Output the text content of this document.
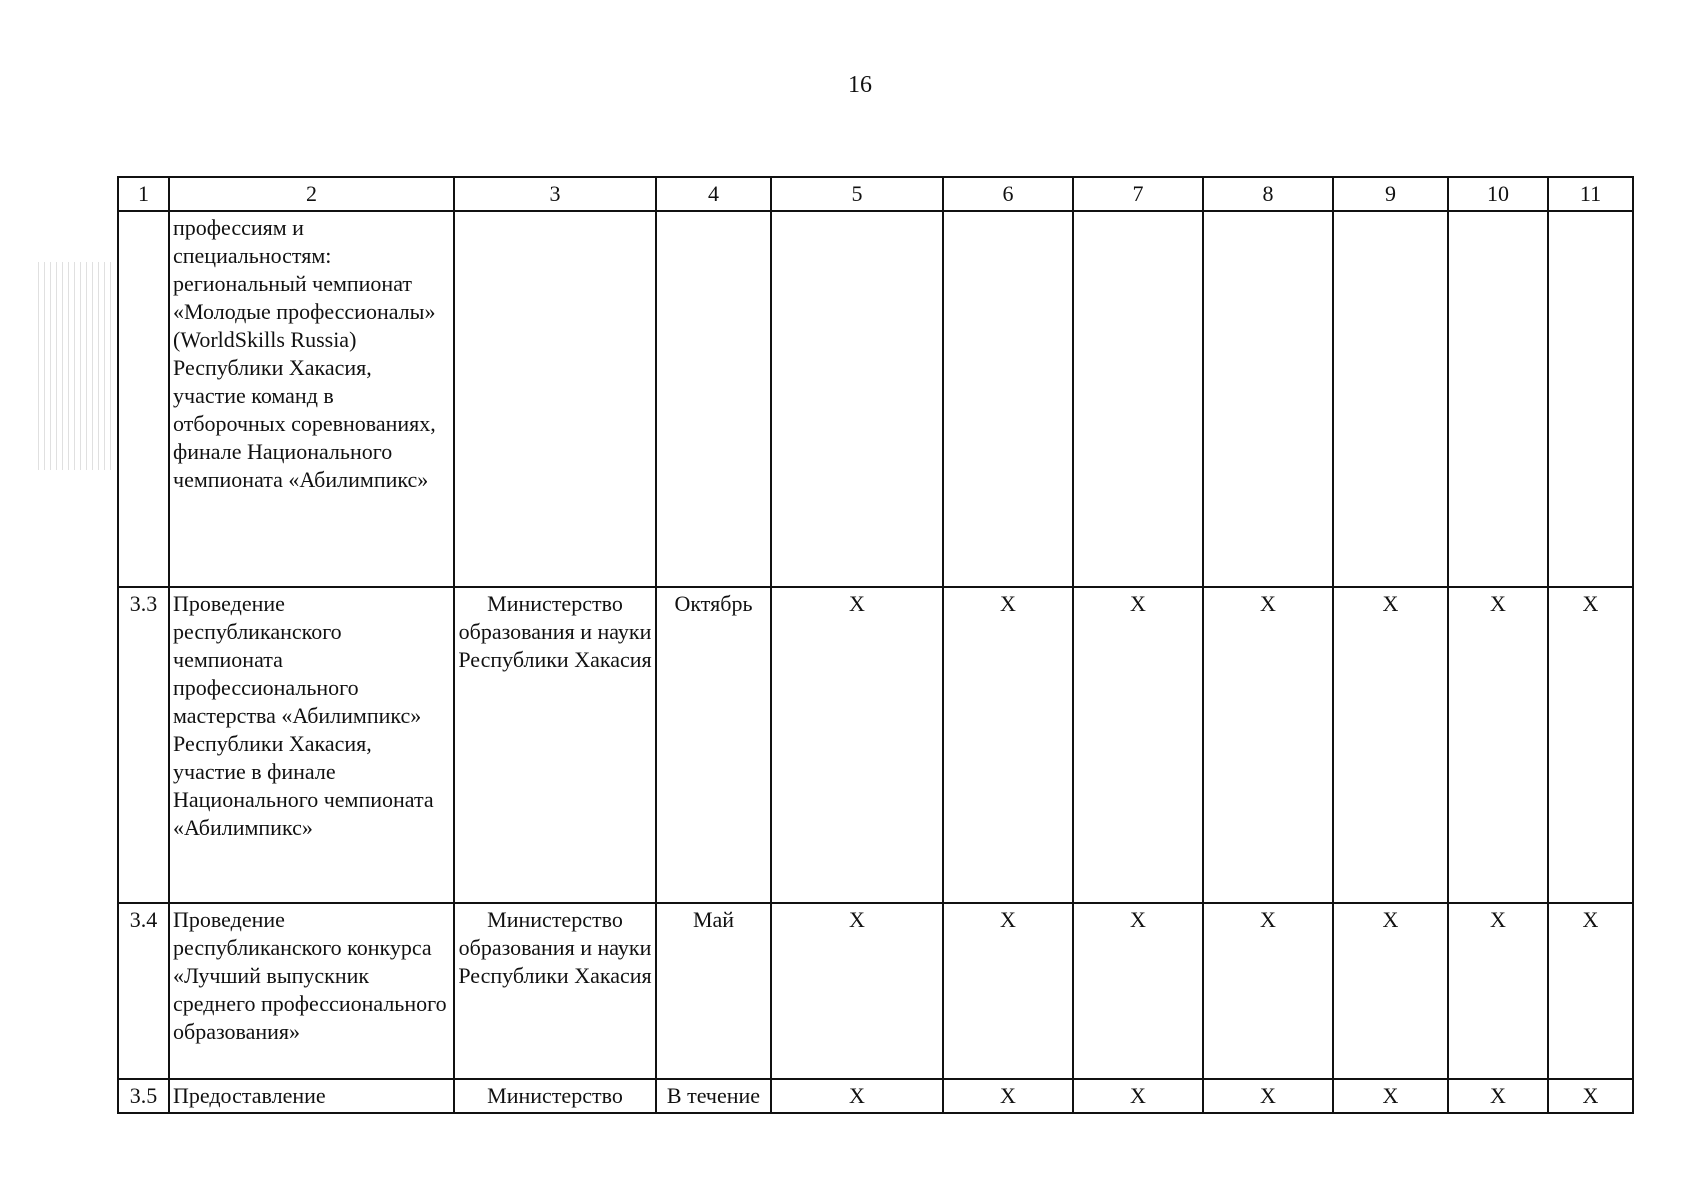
16
1	2	3	4	5	6	7	8	9	10	11
	профессиям и специальностям: региональный чемпионат «Молодые профессионалы» (WorldSkills Russia) Республики Хакасия, участие команд в отборочных соревнованиях, финале Национального чемпионата «Абилимпикс»									
3.3	Проведение республиканского чемпионата профессионального мастерства «Абилимпикс» Республики Хакасия, участие в финале Национального чемпионата «Абилимпикс»	Министерство образования и науки Республики Хакасия	Октябрь	Х	Х	Х	Х	Х	Х	Х
3.4	Проведение республиканского конкурса «Лучший выпускник среднего профессионального образования»	Министерство образования и науки Республики Хакасия	Май	Х	Х	Х	Х	Х	Х	Х
3.5	Предоставление	Министерство	В течение	Х	Х	Х	Х	Х	Х	Х
